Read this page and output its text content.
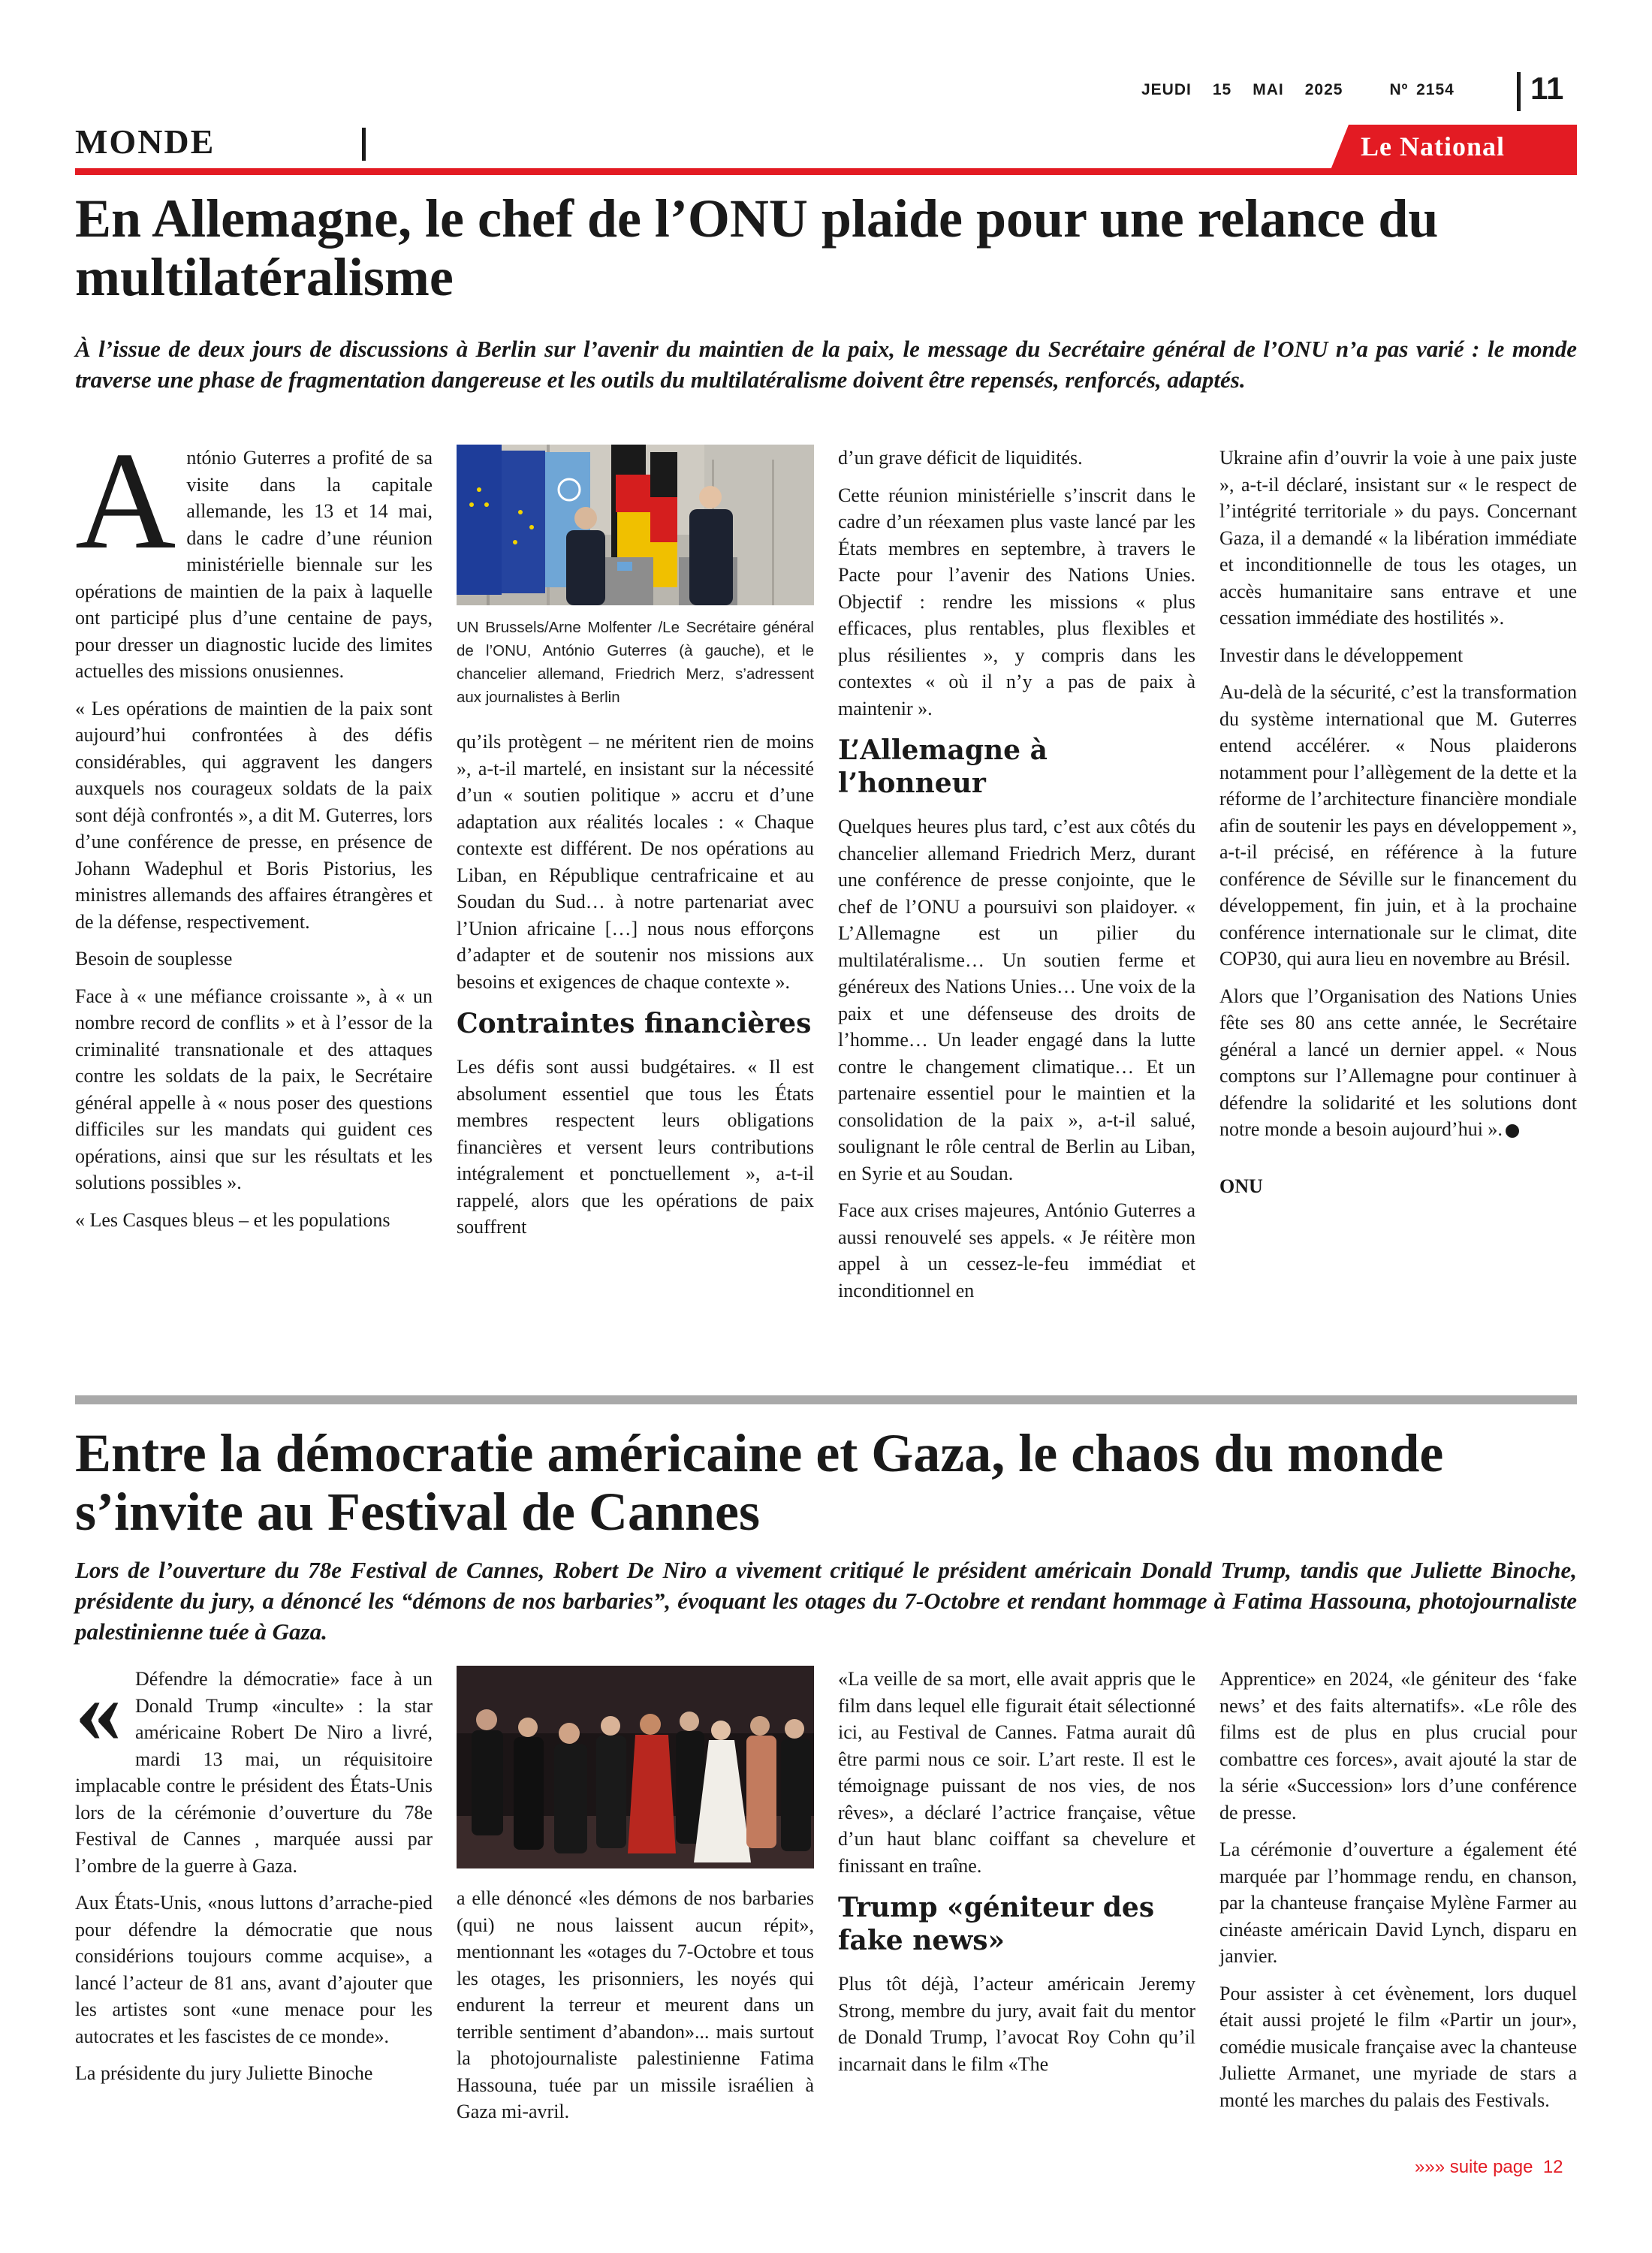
JEUDI 15 MAI 2025	Nº 2154	11
MONDE	Le National
En Allemagne, le chef de l’ONU plaide pour une relance du multilatéralisme

À l’issue de deux jours de discussions à Berlin sur l’avenir du maintien de la paix, le message du Secrétaire général de l’ONU n’a pas varié : le monde traverse une phase de fragmentation dangereuse et les outils du multilatéralisme doivent être repensés, renforcés, adaptés.

António Guterres a profité de sa visite dans la capitale allemande, les 13 et 14 mai, dans le cadre d’une réunion ministérielle biennale sur les opérations de maintien de la paix à laquelle ont participé plus d’une centaine de pays, pour dresser un diagnostic lucide des limites actuelles des missions onusiennes.

« Les opérations de maintien de la paix sont aujourd’hui confrontées à des défis considérables, qui aggravent les dangers auxquels nos courageux soldats de la paix sont déjà confrontés », a dit M. Guterres, lors d’une conférence de presse, en présence de Johann Wadephul et Boris Pistorius, les ministres allemands des affaires étrangères et de la défense, respectivement.

Besoin de souplesse

Face à « une méfiance croissante », à « un nombre record de conflits » et à l’essor de la criminalité transnationale et des attaques contre les soldats de la paix, le Secrétaire général appelle à « nous poser des questions difficiles sur les mandats qui guident ces opérations, ainsi que sur les résultats et les solutions possibles ».

« Les Casques bleus – et les populations

UN Brussels/Arne Molfenter /Le Secrétaire général de l’ONU, António Guterres (à gauche), et le chancelier allemand, Friedrich Merz, s’adressent aux journalistes à Berlin

qu’ils protègent – ne méritent rien de moins », a-t-il martelé, en insistant sur la nécessité d’un « soutien politique » accru et d’une adaptation aux réalités locales : « Chaque contexte est différent. De nos opérations au Liban, en République centrafricaine et au Soudan du Sud… à notre partenariat avec l’Union africaine […] nous nous efforçons d’adapter et de soutenir nos missions aux besoins et exigences de chaque contexte ».

Contraintes financières

Les défis sont aussi budgétaires. « Il est absolument essentiel que tous les États membres respectent leurs obligations financières et versent leurs contributions intégralement et ponctuellement », a-t-il rappelé, alors que les opérations de paix souffrent

d’un grave déficit de liquidités.

Cette réunion ministérielle s’inscrit dans le cadre d’un réexamen plus vaste lancé par les États membres en septembre, à travers le Pacte pour l’avenir des Nations Unies. Objectif : rendre les missions « plus efficaces, plus rentables, plus flexibles et plus résilientes », y compris dans les contextes « où il n’y a pas de paix à maintenir ».

L’Allemagne à l’honneur

Quelques heures plus tard, c’est aux côtés du chancelier allemand Friedrich Merz, durant une conférence de presse conjointe, que le chef de l’ONU a poursuivi son plaidoyer. « L’Allemagne est un pilier du multilatéralisme… Un soutien ferme et généreux des Nations Unies… Une voix de la paix et une défenseuse des droits de l’homme… Un leader engagé dans la lutte contre le changement climatique… Et un partenaire essentiel pour le maintien et la consolidation de la paix », a-t-il salué, soulignant le rôle central de Berlin au Liban, en Syrie et au Soudan.

Face aux crises majeures, António Guterres a aussi renouvelé ses appels. « Je réitère mon appel à un cessez-le-feu immédiat et inconditionnel en

Ukraine afin d’ouvrir la voie à une paix juste », a-t-il déclaré, insistant sur « le respect de l’intégrité territoriale » du pays. Concernant Gaza, il a demandé « la libération immédiate et inconditionnelle de tous les otages, un accès humanitaire sans entrave et une cessation immédiate des hostilités ».

Investir dans le développement

Au-delà de la sécurité, c’est la transformation du système international que M. Guterres entend accélérer. « Nous plaiderons notamment pour l’allègement de la dette et la réforme de l’architecture financière mondiale afin de soutenir les pays en développement », a-t-il précisé, en référence à la future conférence de Séville sur le financement du développement, fin juin, et à la prochaine conférence internationale sur le climat, dite COP30, qui aura lieu en novembre au Brésil.

Alors que l’Organisation des Nations Unies fête ses 80 ans cette année, le Secrétaire général a lancé un dernier appel. « Nous comptons sur l’Allemagne pour continuer à défendre la solidarité et les solutions dont notre monde a besoin aujourd’hui ».

ONU

Entre la démocratie américaine et Gaza, le chaos du monde s’invite au Festival de Cannes

Lors de l’ouverture du 78e Festival de Cannes, Robert De Niro a vivement critiqué le président américain Donald Trump, tandis que Juliette Binoche, présidente du jury, a dénoncé les “démons de nos barbaries”, évoquant les otages du 7-Octobre et rendant hommage à Fatima Hassouna, photojournaliste palestinienne tuée à Gaza.

« Défendre la démocratie» face à un Donald Trump «inculte» : la star américaine Robert De Niro a livré, mardi 13 mai, un réquisitoire implacable contre le président des États-Unis lors de la cérémonie d’ouverture du 78e Festival de Cannes , marquée aussi par l’ombre de la guerre à Gaza.

Aux États-Unis, «nous luttons d’arrache-pied pour défendre la démocratie que nous considérions toujours comme acquise», a lancé l’acteur de 81 ans, avant d’ajouter que les artistes sont «une menace pour les autocrates et les fascistes de ce monde».

La présidente du jury Juliette Binoche

a elle dénoncé «les démons de nos barbaries (qui) ne nous laissent aucun répit», mentionnant les «otages du 7-Octobre et tous les otages, les prisonniers, les noyés qui endurent la terreur et meurent dans un terrible sentiment d’abandon»... mais surtout la photojournaliste palestinienne Fatima Hassouna, tuée par un missile israélien à Gaza mi-avril.

«La veille de sa mort, elle avait appris que le film dans lequel elle figurait était sélectionné ici, au Festival de Cannes. Fatma aurait dû être parmi nous ce soir. L’art reste. Il est le témoignage puissant de nos vies, de nos rêves», a déclaré l’actrice française, vêtue d’un haut blanc coiffant sa chevelure et finissant en traîne.

Trump «géniteur des fake news»

Plus tôt déjà, l’acteur américain Jeremy Strong, membre du jury, avait fait du mentor de Donald Trump, l’avocat Roy Cohn qu’il incarnait dans le film «The

Apprentice» en 2024, «le géniteur des ‘fake news’ et des faits alternatifs». «Le rôle des films est de plus en plus crucial pour combattre ces forces», avait ajouté la star de la série «Succession» lors d’une conférence de presse.

La cérémonie d’ouverture a également été marquée par l’hommage rendu, en chanson, par la chanteuse française Mylène Farmer au cinéaste américain David Lynch, disparu en janvier.

Pour assister à cet évènement, lors duquel était aussi projeté le film «Partir un jour», comédie musicale française avec la chanteuse Juliette Armanet, une myriade de stars a monté les marches du palais des Festivals.

»»» suite page 12
